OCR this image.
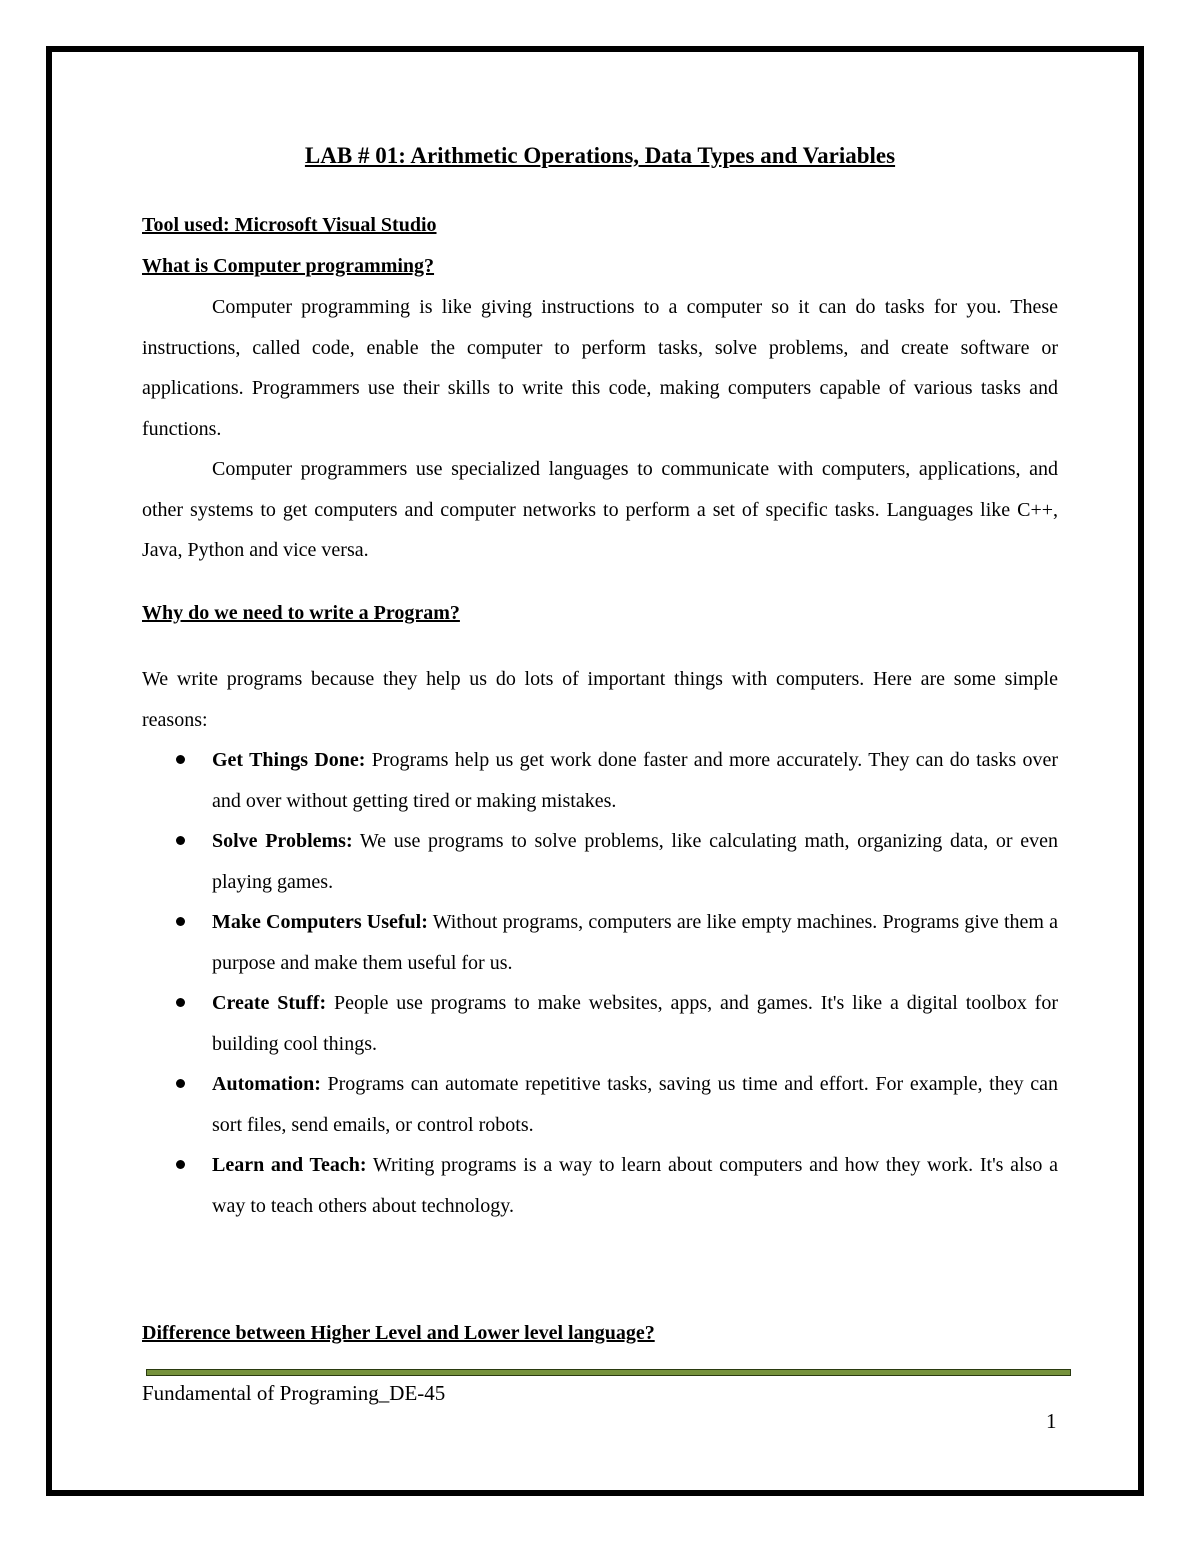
LAB # 01: Arithmetic Operations, Data Types and Variables
Tool used: Microsoft Visual Studio
What is Computer programming?

Computer programming is like giving instructions to a computer so it can do tasks for you. These instructions, called code, enable the computer to perform tasks, solve problems, and create software or applications. Programmers use their skills to write this code, making computers capable of various tasks and functions.

Computer programmers use specialized languages to communicate with computers, applications, and other systems to get computers and computer networks to perform a set of specific tasks. Languages like C++, Java, Python and vice versa.

Why do we need to write a Program?

We write programs because they help us do lots of important things with computers. Here are some simple reasons:

Get Things Done: Programs help us get work done faster and more accurately. They can do tasks over and over without getting tired or making mistakes.
Solve Problems: We use programs to solve problems, like calculating math, organizing data, or even playing games.
Make Computers Useful: Without programs, computers are like empty machines. Programs give them a purpose and make them useful for us.
Create Stuff: People use programs to make websites, apps, and games. It's like a digital toolbox for building cool things.
Automation: Programs can automate repetitive tasks, saving us time and effort. For example, they can sort files, send emails, or control robots.
Learn and Teach: Writing programs is a way to learn about computers and how they work. It's also a way to teach others about technology.
Difference between Higher Level and Lower level language?
Fundamental of Programing_DE-45
1
